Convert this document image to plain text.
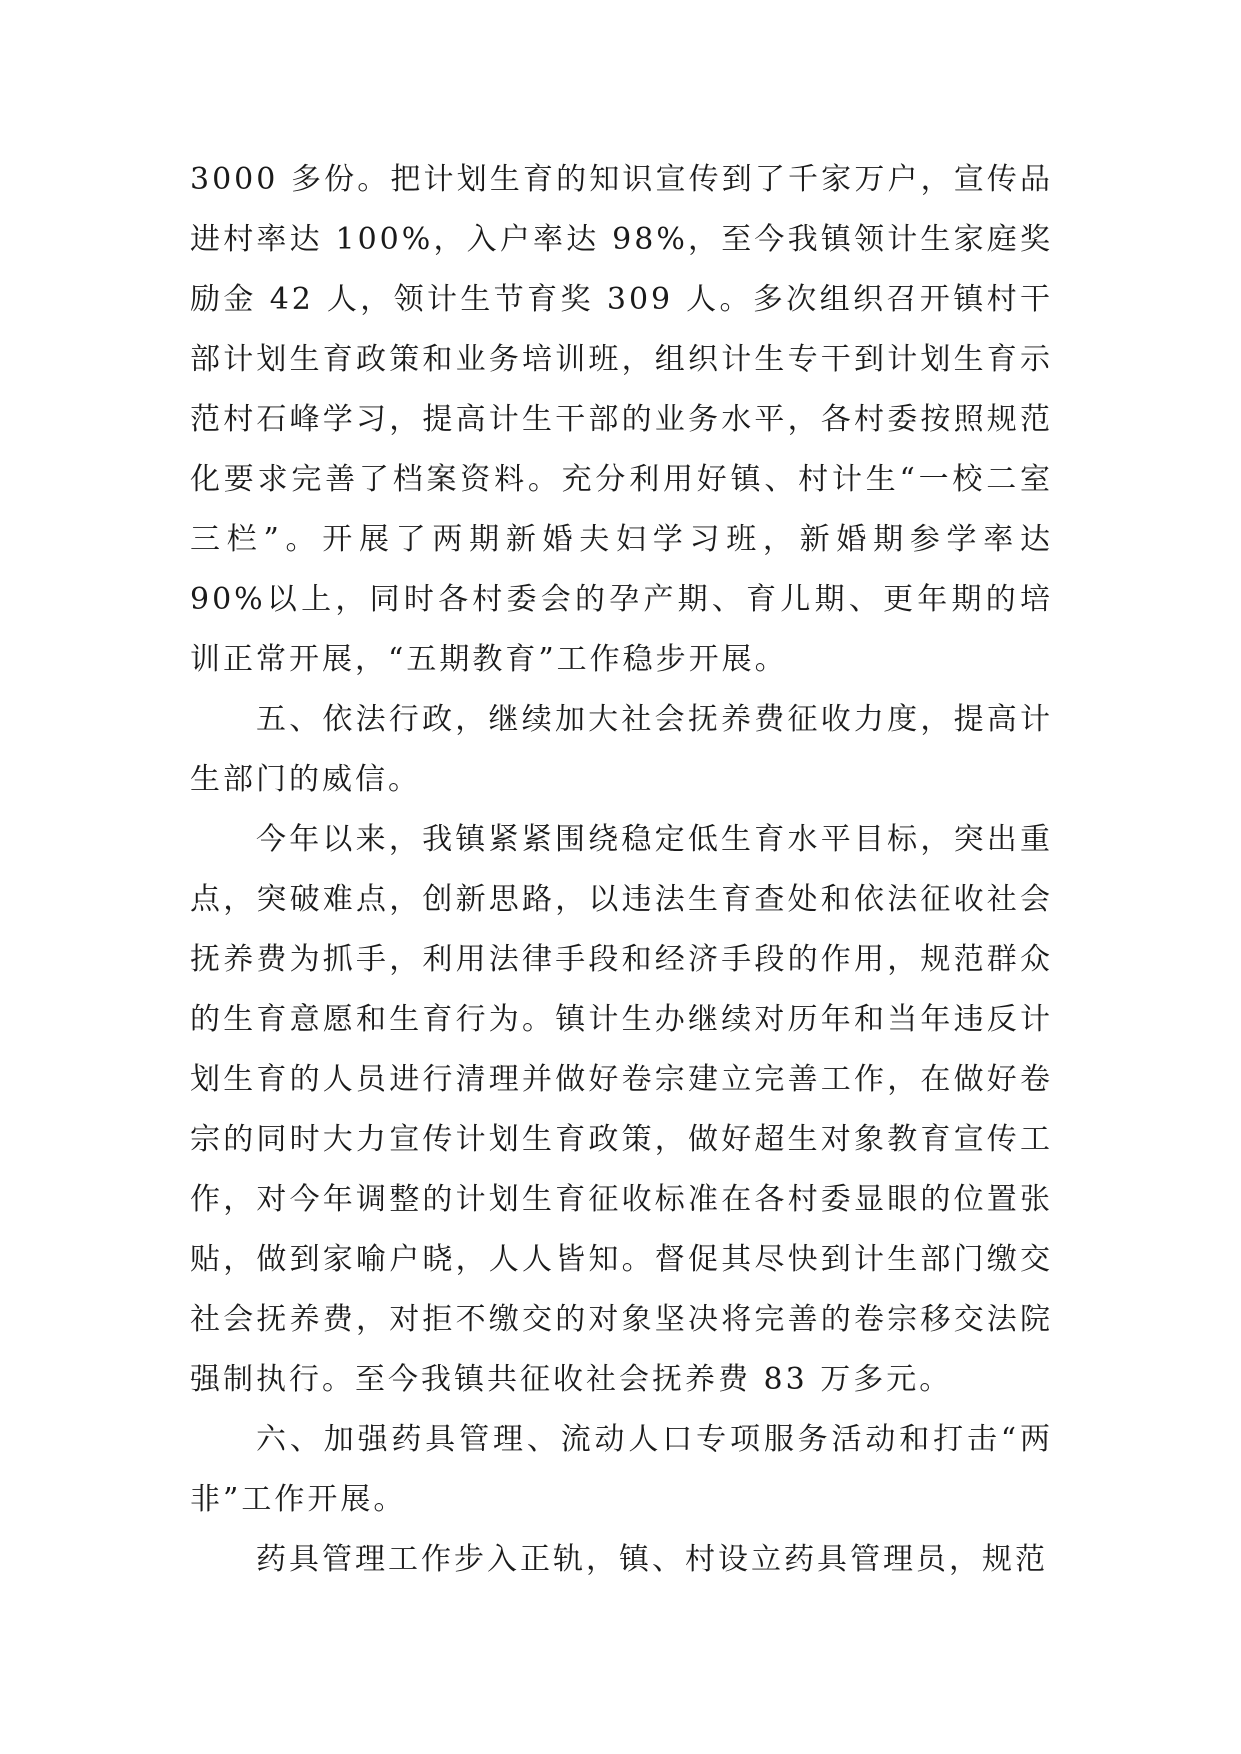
3000 多份。把计划生育的知识宣传到了千家万户，宣传品进村率达 100%，入户率达 98%，至今我镇领计生家庭奖励金 42 人，领计生节育奖 309 人。多次组织召开镇村干部计划生育政策和业务培训班，组织计生专干到计划生育示范村石峰学习，提高计生干部的业务水平，各村委按照规范化要求完善了档案资料。充分利用好镇、村计生“一校二室三栏”。开展了两期新婚夫妇学习班，新婚期参学率达 90%以上，同时各村委会的孕产期、育儿期、更年期的培训正常开展，“五期教育”工作稳步开展。

五、依法行政，继续加大社会抚养费征收力度，提高计生部门的威信。

今年以来，我镇紧紧围绕稳定低生育水平目标，突出重点，突破难点，创新思路，以违法生育查处和依法征收社会抚养费为抓手，利用法律手段和经济手段的作用，规范群众的生育意愿和生育行为。镇计生办继续对历年和当年违反计划生育的人员进行清理并做好卷宗建立完善工作，在做好卷宗的同时大力宣传计划生育政策，做好超生对象教育宣传工作，对今年调整的计划生育征收标准在各村委显眼的位置张贴，做到家喻户晓，人人皆知。督促其尽快到计生部门缴交社会抚养费，对拒不缴交的对象坚决将完善的卷宗移交法院强制执行。至今我镇共征收社会抚养费 83 万多元。

六、加强药具管理、流动人口专项服务活动和打击“两非”工作开展。

药具管理工作步入正轨，镇、村设立药具管理员，规范
